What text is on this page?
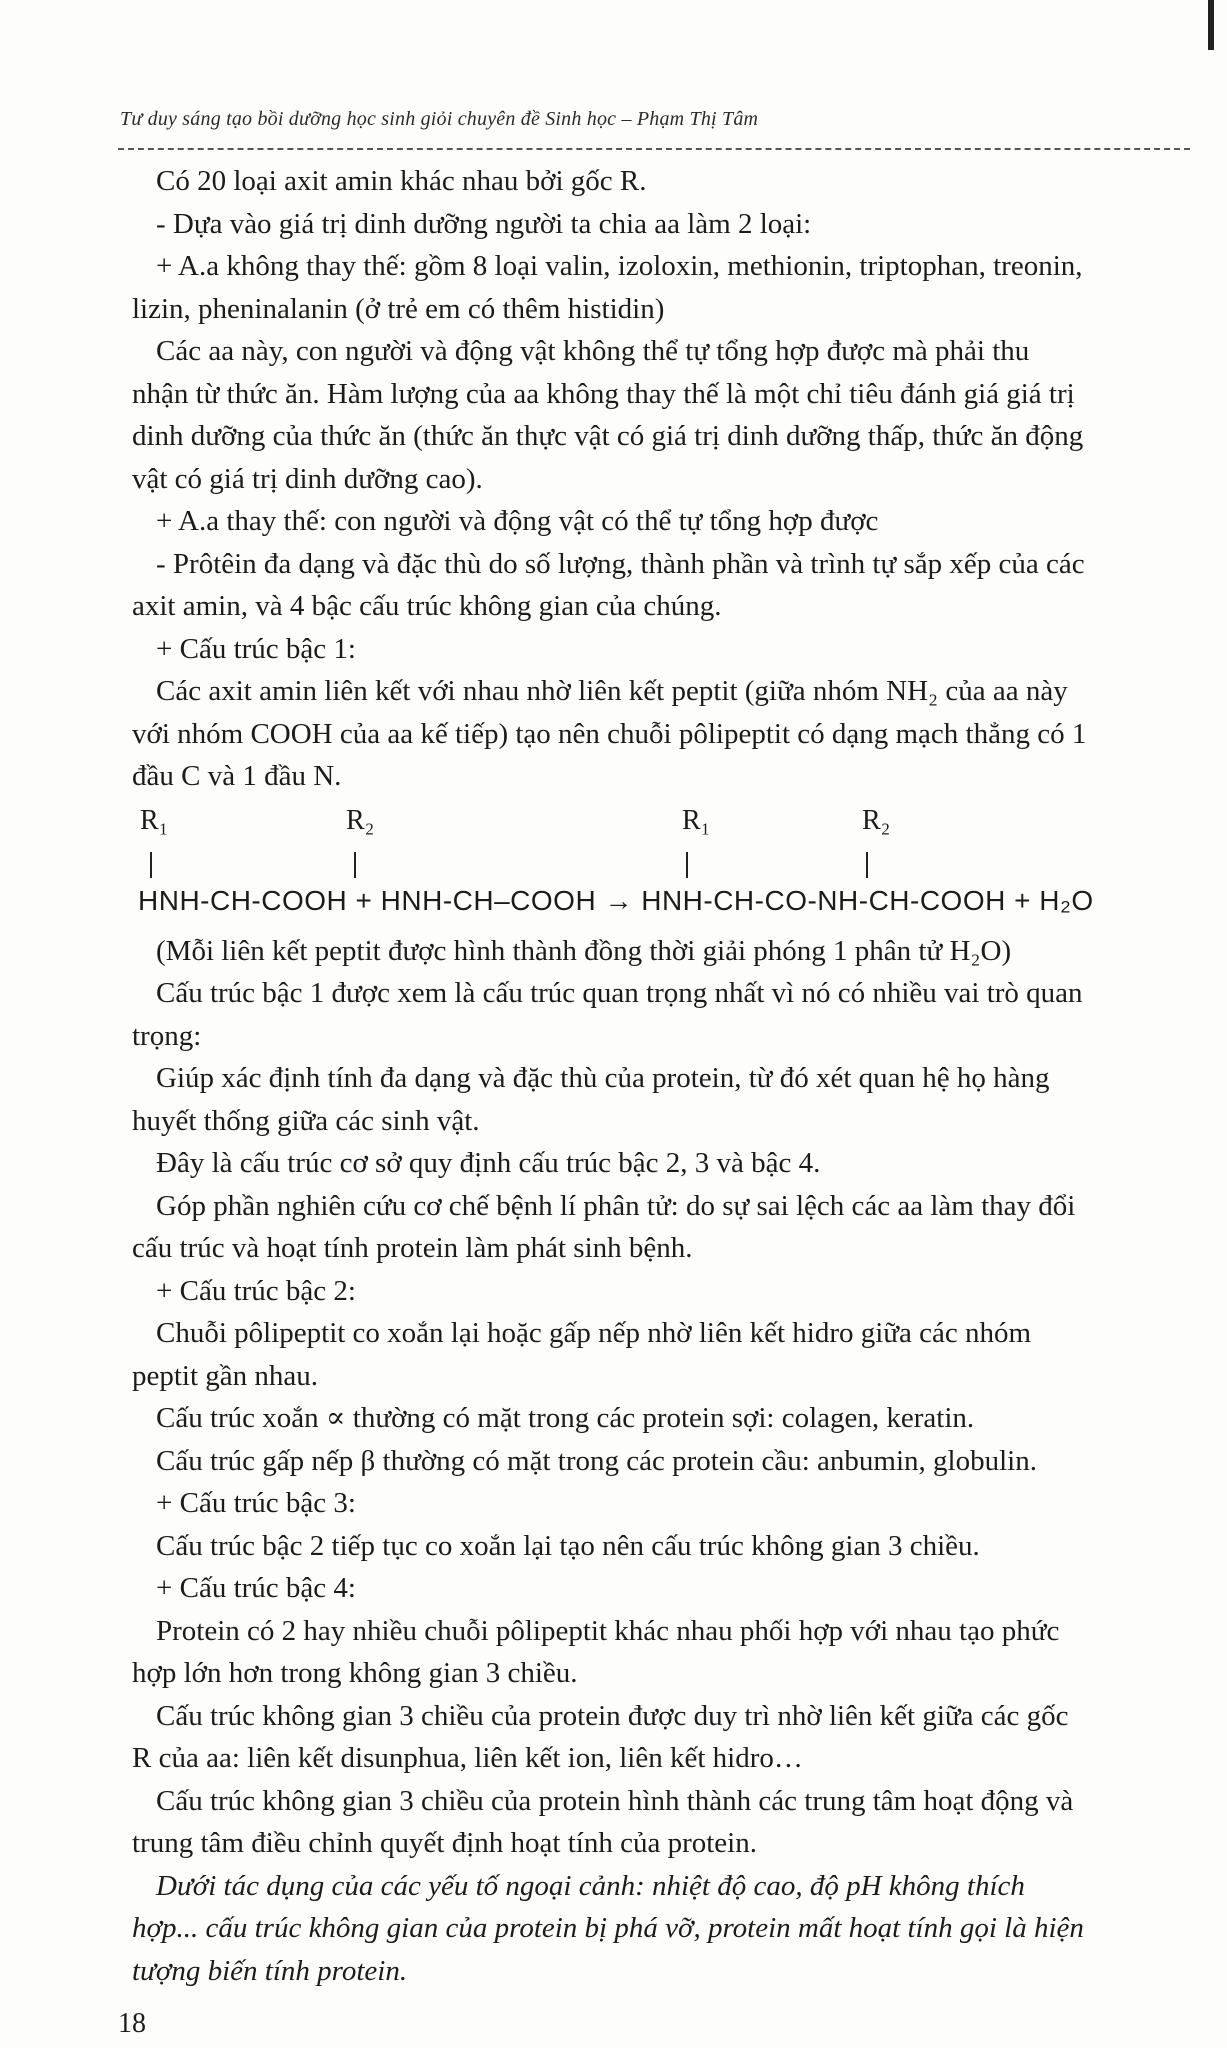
Tư duy sáng tạo bồi dưỡng học sinh giỏi chuyên đề Sinh học – Phạm Thị Tâm

Có 20 loại axit amin khác nhau bởi gốc R.

- Dựa vào giá trị dinh dưỡng người ta chia aa làm 2 loại:

+ A.a không thay thế: gồm 8 loại valin, izoloxin, methionin, triptophan, treonin,

lizin, pheninalanin (ở trẻ em có thêm histidin)

Các aa này, con người và động vật không thể tự tổng hợp được mà phải thu

nhận từ thức ăn. Hàm lượng của aa không thay thế là một chỉ tiêu đánh giá giá trị

dinh dưỡng của thức ăn (thức ăn thực vật có giá trị dinh dưỡng thấp, thức ăn động

vật có giá trị dinh dưỡng cao).

+ A.a thay thế: con người và động vật có thể tự tổng hợp được

- Prôtêin đa dạng và đặc thù do số lượng, thành phần và trình tự sắp xếp của các

axit amin, và 4 bậc cấu trúc không gian của chúng.

+ Cấu trúc bậc 1:

Các axit amin liên kết với nhau nhờ liên kết peptit (giữa nhóm NH₂ của aa này

với nhóm COOH của aa kế tiếp) tạo nên chuỗi pôlipeptit có dạng mạch thẳng có 1

đầu C và 1 đầu N.

R₁	R₂	R₁	R₂
HNH-CH-COOH + HNH-CH–COOH → HNH-CH-CO-NH-CH-COOH + H₂O

(Mỗi liên kết peptit được hình thành đồng thời giải phóng 1 phân tử H₂O)

Cấu trúc bậc 1 được xem là cấu trúc quan trọng nhất vì nó có nhiều vai trò quan

trọng:

Giúp xác định tính đa dạng và đặc thù của protein, từ đó xét quan hệ họ hàng

huyết thống giữa các sinh vật.

Đây là cấu trúc cơ sở quy định cấu trúc bậc 2, 3 và bậc 4.

Góp phần nghiên cứu cơ chế bệnh lí phân tử: do sự sai lệch các aa làm thay đổi

cấu trúc và hoạt tính protein làm phát sinh bệnh.

+ Cấu trúc bậc 2:

Chuỗi pôlipeptit co xoắn lại hoặc gấp nếp nhờ liên kết hidro giữa các nhóm

peptit gần nhau.

Cấu trúc xoắn ∝ thường có mặt trong các protein sợi: colagen, keratin.

Cấu trúc gấp nếp β thường có mặt trong các protein cầu: anbumin, globulin.

+ Cấu trúc bậc 3:

Cấu trúc bậc 2 tiếp tục co xoắn lại tạo nên cấu trúc không gian 3 chiều.

+ Cấu trúc bậc 4:

Protein có 2 hay nhiều chuỗi pôlipeptit khác nhau phối hợp với nhau tạo phức

hợp lớn hơn trong không gian 3 chiều.

Cấu trúc không gian 3 chiều của protein được duy trì nhờ liên kết giữa các gốc

R của aa: liên kết disunphua, liên kết ion, liên kết hidro…

Cấu trúc không gian 3 chiều của protein hình thành các trung tâm hoạt động và

trung tâm điều chỉnh quyết định hoạt tính của protein.

Dưới tác dụng của các yếu tố ngoại cảnh: nhiệt độ cao, độ pH không thích

hợp... cấu trúc không gian của protein bị phá vỡ, protein mất hoạt tính gọi là hiện

tượng biến tính protein.

18
